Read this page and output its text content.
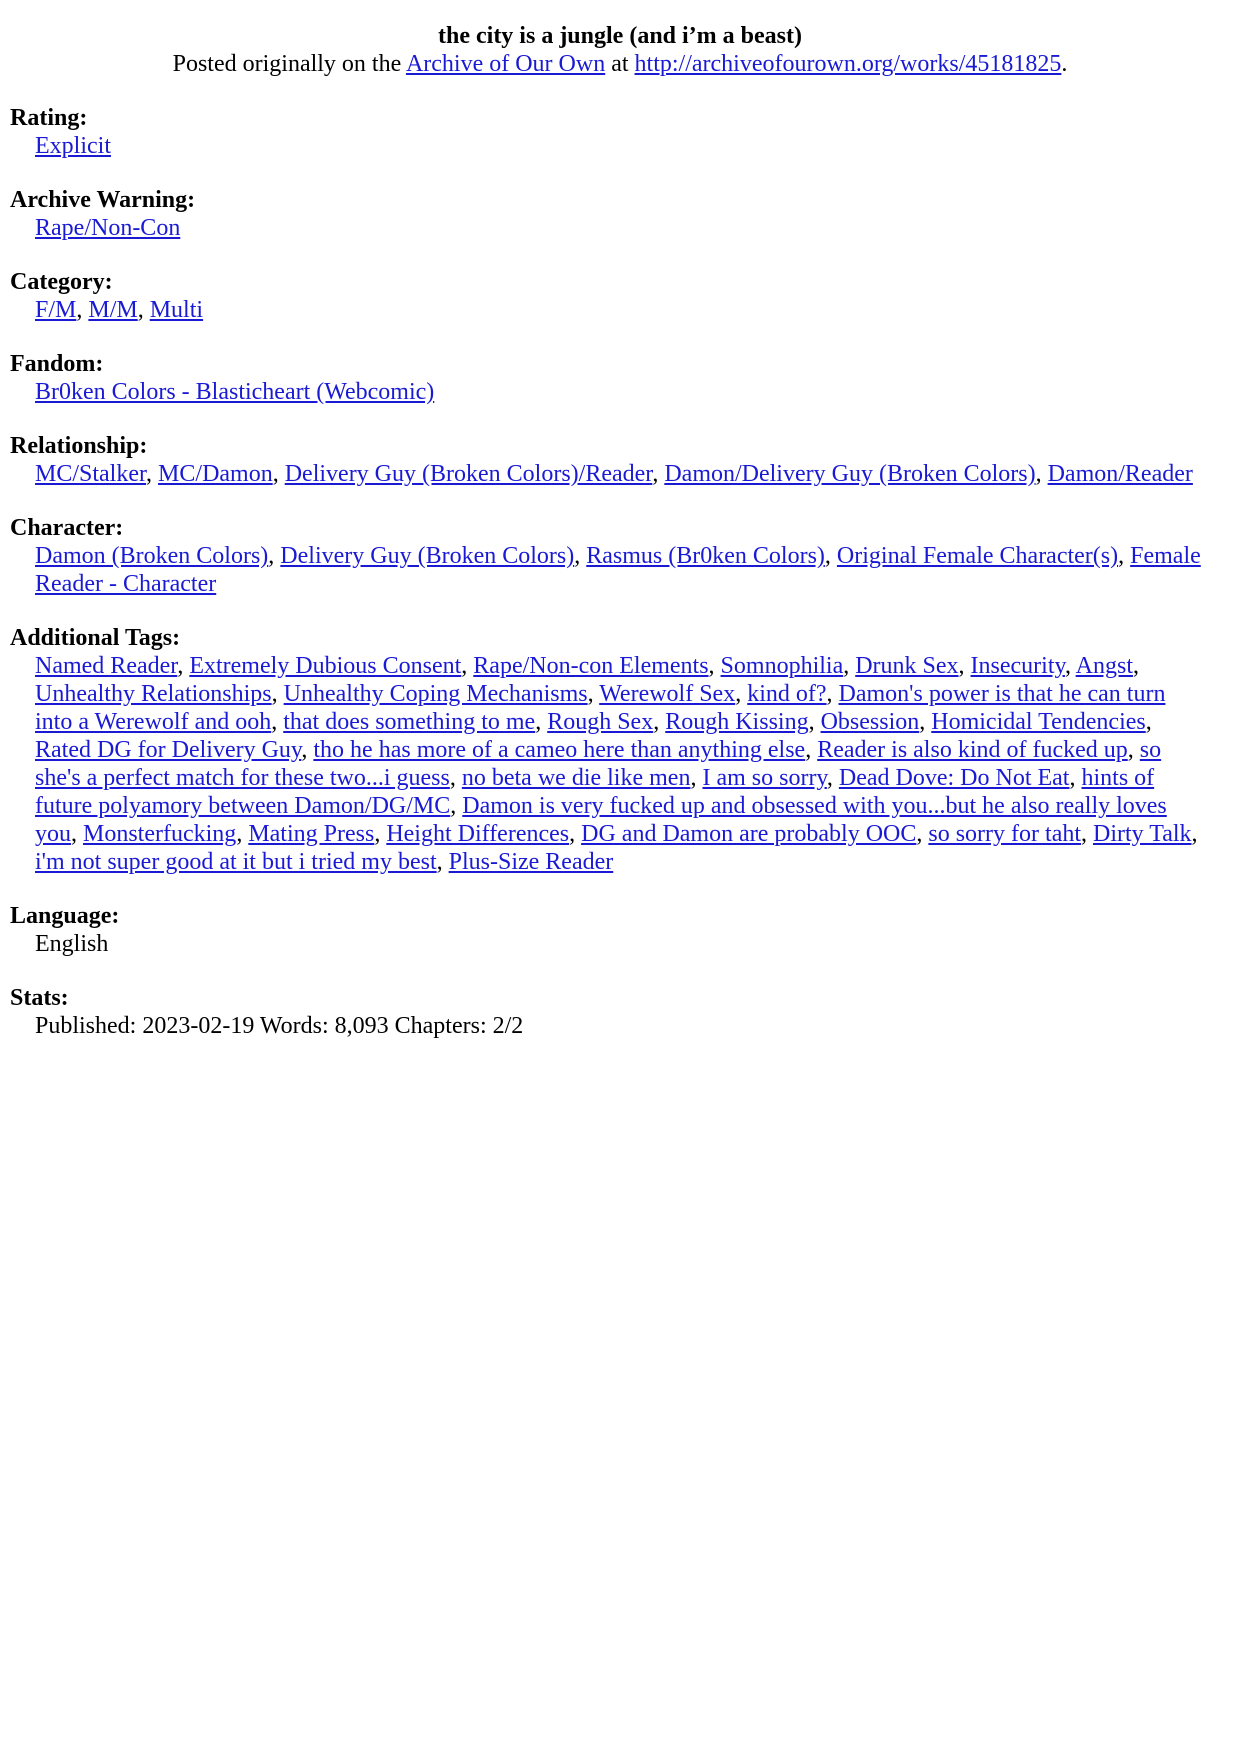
the city is a jungle (and i’m a beast)
Posted originally on the Archive of Our Own at http://archiveofourown.org/works/45181825.
Rating:
Explicit
Archive Warning:
Rape/Non-Con
Category:
F/M, M/M, Multi
Fandom:
Br0ken Colors - Blasticheart (Webcomic)
Relationship:
MC/Stalker, MC/Damon, Delivery Guy (Broken Colors)/Reader, Damon/Delivery Guy (Broken Colors), Damon/Reader
Character:
Damon (Broken Colors), Delivery Guy (Broken Colors), Rasmus (Br0ken Colors), Original Female Character(s), Female Reader - Character
Additional Tags:
Named Reader, Extremely Dubious Consent, Rape/Non-con Elements, Somnophilia, Drunk Sex, Insecurity, Angst, Unhealthy Relationships, Unhealthy Coping Mechanisms, Werewolf Sex, kind of?, Damon's power is that he can turn into a Werewolf and ooh, that does something to me, Rough Sex, Rough Kissing, Obsession, Homicidal Tendencies, Rated DG for Delivery Guy, tho he has more of a cameo here than anything else, Reader is also kind of fucked up, so she's a perfect match for these two...i guess, no beta we die like men, I am so sorry, Dead Dove: Do Not Eat, hints of future polyamory between Damon/DG/MC, Damon is very fucked up and obsessed with you...but he also really loves you, Monsterfucking, Mating Press, Height Differences, DG and Damon are probably OOC, so sorry for taht, Dirty Talk, i'm not super good at it but i tried my best, Plus-Size Reader
Language:
English
Stats:
Published: 2023-02-19 Words: 8,093 Chapters: 2/2
